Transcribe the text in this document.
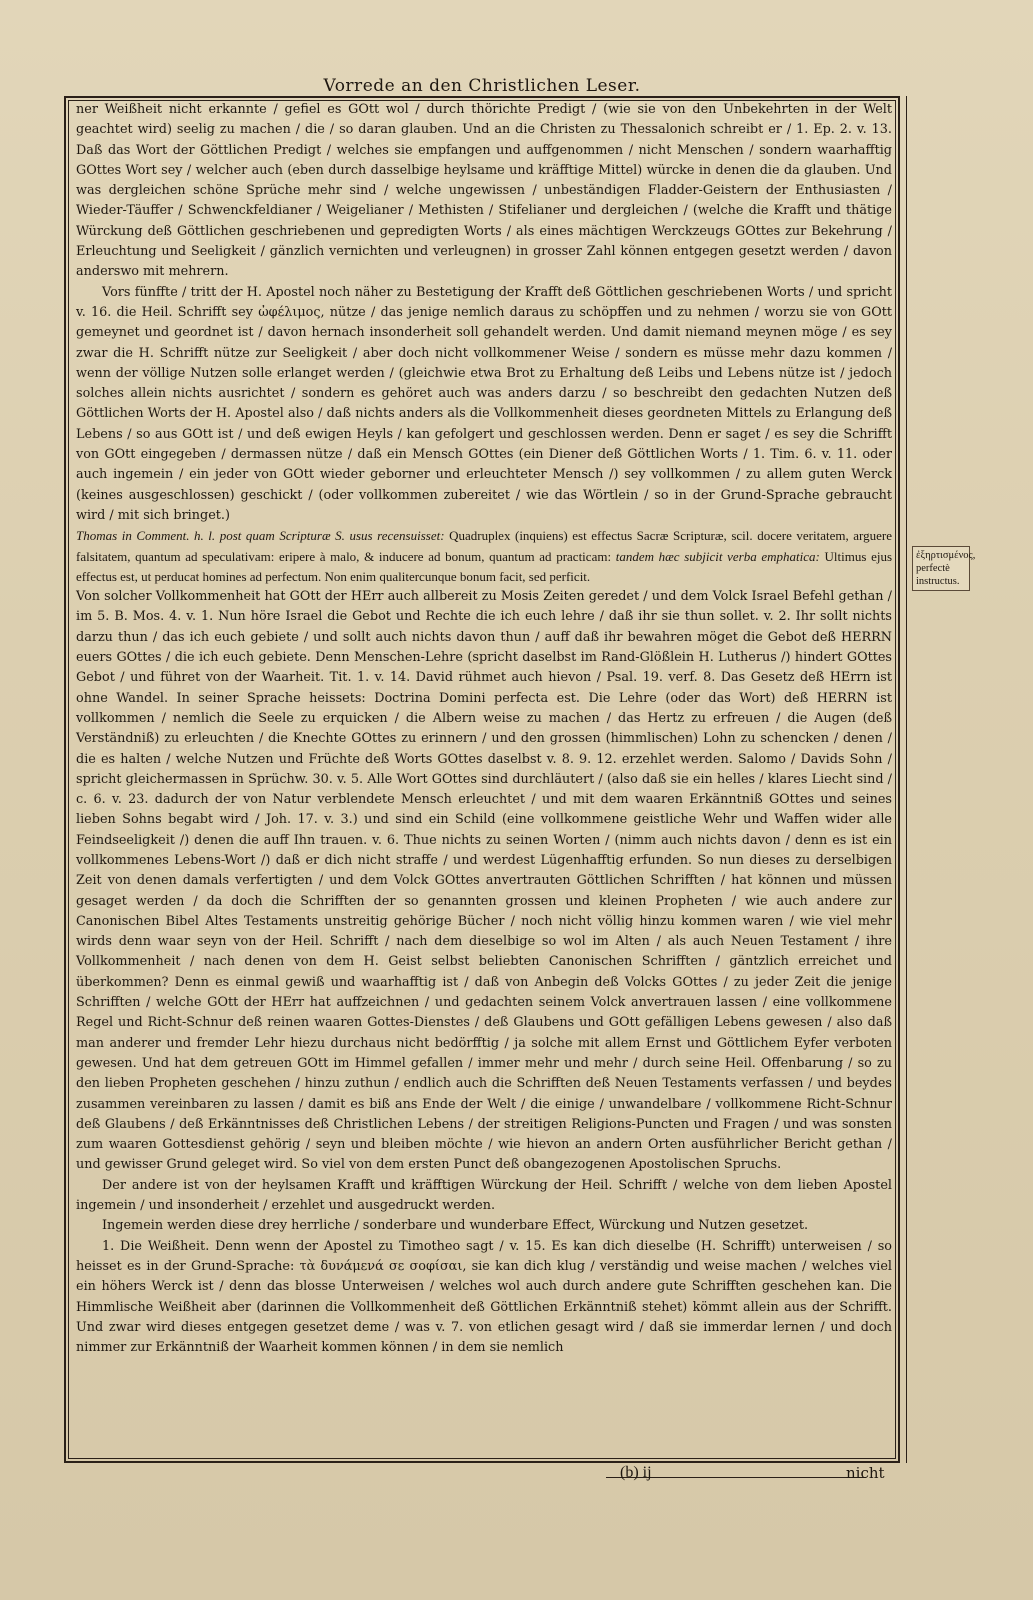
Vorrede an den Christlichen Leser.

ner Weißheit nicht erkannte / gefiel es GOtt wol / durch thörichte Predigt / (wie sie von den Unbekehrten in der Welt geachtet wird) seelig zu machen / die / so daran glauben. Und an die Christen zu Thessalonich schreibt er / 1. Ep. 2. v. 13. Daß das Wort der Göttlichen Predigt / welches sie empfangen und auffgenommen / nicht Menschen / sondern waarhafftig GOttes Wort sey / welcher auch (eben durch dasselbige heylsame und kräfftige Mittel) würcke in denen die da glauben. Und was dergleichen schöne Sprüche mehr sind / welche ungewissen / unbeständigen Fladder-Geistern der Enthusiasten / Wieder-Täuffer / Schwenckfeldianer / Weigelianer / Methisten / Stifelianer und dergleichen / (welche die Krafft und thätige Würckung deß Göttlichen geschriebenen und gepredigten Worts / als eines mächtigen Werckzeugs GOttes zur Bekehrung / Erleuchtung und Seeligkeit / gänzlich vernichten und verleugnen) in grosser Zahl können entgegen gesetzt werden / davon anderswo mit mehrern.

Vors fünffte / tritt der H. Apostel noch näher zu Bestetigung der Krafft deß Göttlichen geschriebenen Worts / und spricht v. 16. die Heil. Schrifft sey ὠφέλιμος, nütze / das jenige nemlich daraus zu schöpffen und zu nehmen / worzu sie von GOtt gemeynet und geordnet ist / davon hernach insonderheit soll gehandelt werden. Und damit niemand meynen möge / es sey zwar die H. Schrifft nütze zur Seeligkeit / aber doch nicht vollkommener Weise / sondern es müsse mehr dazu kommen / wenn der völlige Nutzen solle erlanget werden / (gleichwie etwa Brot zu Erhaltung deß Leibs und Lebens nütze ist / jedoch solches allein nichts ausrichtet / sondern es gehöret auch was anders darzu / so beschreibt den gedachten Nutzen deß Göttlichen Worts der H. Apostel also / daß nichts anders als die Vollkommenheit dieses geordneten Mittels zu Erlangung deß Lebens / so aus GOtt ist / und deß ewigen Heyls / kan gefolgert und geschlossen werden. Denn er saget / es sey die Schrifft von GOtt eingegeben / dermassen nütze / daß ein Mensch GOttes (ein Diener deß Göttlichen Worts / 1. Tim. 6. v. 11. oder auch ingemein / ein jeder von GOtt wieder geborner und erleuchteter Mensch /) sey vollkommen / zu allem guten Werck (keines ausgeschlossen) geschickt / (oder vollkommen zubereitet / wie das Wörtlein / so in der Grund-Sprache gebraucht wird / mit sich bringet.)

Thomas in Comment. h. l. post quam Scripturæ S. usus recensuisset: Quadruplex (inquiens) est effectus Sacræ Scripturæ, scil. docere veritatem, arguere falsitatem, quantum ad speculativam: eripere à malo, & inducere ad bonum, quantum ad practicam: tandem hæc subjicit verba emphatica: Ultimus ejus effectus est, ut perducat homines ad perfectum. Non enim qualitercunque bonum facit, sed perficit.

Von solcher Vollkommenheit hat GOtt der HErr auch allbereit zu Mosis Zeiten geredet / und dem Volck Israel Befehl gethan / im 5. B. Mos. 4. v. 1. Nun höre Israel die Gebot und Rechte die ich euch lehre / daß ihr sie thun sollet. v. 2. Ihr sollt nichts darzu thun / das ich euch gebiete / und sollt auch nichts davon thun / auff daß ihr bewahren möget die Gebot deß HERRN euers GOttes / die ich euch gebiete. Denn Menschen-Lehre (spricht daselbst im Rand-Glößlein H. Lutherus /) hindert GOttes Gebot / und führet von der Waarheit. Tit. 1. v. 14. David rühmet auch hievon / Psal. 19. verf. 8. Das Gesetz deß HErrn ist ohne Wandel. In seiner Sprache heissets: Doctrina Domini perfecta est. Die Lehre (oder das Wort) deß HERRN ist vollkommen / nemlich die Seele zu erquicken / die Albern weise zu machen / das Hertz zu erfreuen / die Augen (deß Verständniß) zu erleuchten / die Knechte GOttes zu erinnern / und den grossen (himmlischen) Lohn zu schencken / denen / die es halten / welche Nutzen und Früchte deß Worts GOttes daselbst v. 8. 9. 12. erzehlet werden. Salomo / Davids Sohn / spricht gleichermassen in Sprüchw. 30. v. 5. Alle Wort GOttes sind durchläutert / (also daß sie ein helles / klares Liecht sind / c. 6. v. 23. dadurch der von Natur verblendete Mensch erleuchtet / und mit dem waaren Erkänntniß GOttes und seines lieben Sohns begabt wird / Joh. 17. v. 3.) und sind ein Schild (eine vollkommene geistliche Wehr und Waffen wider alle Feindseeligkeit /) denen die auff Ihn trauen. v. 6. Thue nichts zu seinen Worten / (nimm auch nichts davon / denn es ist ein vollkommenes Lebens-Wort /) daß er dich nicht straffe / und werdest Lügenhafftig erfunden. So nun dieses zu derselbigen Zeit von denen damals verfertigten / und dem Volck GOttes anvertrauten Göttlichen Schrifften / hat können und müssen gesaget werden / da doch die Schrifften der so genannten grossen und kleinen Propheten / wie auch andere zur Canonischen Bibel Altes Testaments unstreitig gehörige Bücher / noch nicht völlig hinzu kommen waren / wie viel mehr wirds denn waar seyn von der Heil. Schrifft / nach dem dieselbige so wol im Alten / als auch Neuen Testament / ihre Vollkommenheit / nach denen von dem H. Geist selbst beliebten Canonischen Schrifften / gäntzlich erreichet und überkommen? Denn es einmal gewiß und waarhafftig ist / daß von Anbegin deß Volcks GOttes / zu jeder Zeit die jenige Schrifften / welche GOtt der HErr hat auffzeichnen / und gedachten seinem Volck anvertrauen lassen / eine vollkommene Regel und Richt-Schnur deß reinen waaren Gottes-Dienstes / deß Glaubens und GOtt gefälligen Lebens gewesen / also daß man anderer und fremder Lehr hiezu durchaus nicht bedörfftig / ja solche mit allem Ernst und Göttlichem Eyfer verboten gewesen. Und hat dem getreuen GOtt im Himmel gefallen / immer mehr und mehr / durch seine Heil. Offenbarung / so zu den lieben Propheten geschehen / hinzu zuthun / endlich auch die Schrifften deß Neuen Testaments verfassen / und beydes zusammen vereinbaren zu lassen / damit es biß ans Ende der Welt / die einige / unwandelbare / vollkommene Richt-Schnur deß Glaubens / deß Erkänntnisses deß Christlichen Lebens / der streitigen Religions-Puncten und Fragen / und was sonsten zum waaren Gottesdienst gehörig / seyn und bleiben möchte / wie hievon an andern Orten ausführlicher Bericht gethan / und gewisser Grund geleget wird. So viel von dem ersten Punct deß obangezogenen Apostolischen Spruchs.

Der andere ist von der heylsamen Krafft und kräfftigen Würckung der Heil. Schrifft / welche von dem lieben Apostel ingemein / und insonderheit / erzehlet und ausgedruckt werden.

Ingemein werden diese drey herrliche / sonderbare und wunderbare Effect, Würckung und Nutzen gesetzet.

1. Die Weißheit. Denn wenn der Apostel zu Timotheo sagt / v. 15. Es kan dich dieselbe (H. Schrifft) unterweisen / so heisset es in der Grund-Sprache: τὰ δυνάμενά σε σοφίσαι, sie kan dich klug / verständig und weise machen / welches viel ein höhers Werck ist / denn das blosse Unterweisen / welches wol auch durch andere gute Schrifften geschehen kan. Die Himmlische Weißheit aber (darinnen die Vollkommenheit deß Göttlichen Erkänntniß stehet) kömmt allein aus der Schrifft. Und zwar wird dieses entgegen gesetzet deme / was v. 7. von etlichen gesagt wird / daß sie immerdar lernen / und doch nimmer zur Erkänntniß der Waarheit kommen können / in dem sie nemlich

ἐξηρτισμένος,
perfectè
instructus.
(b) ij	nicht
